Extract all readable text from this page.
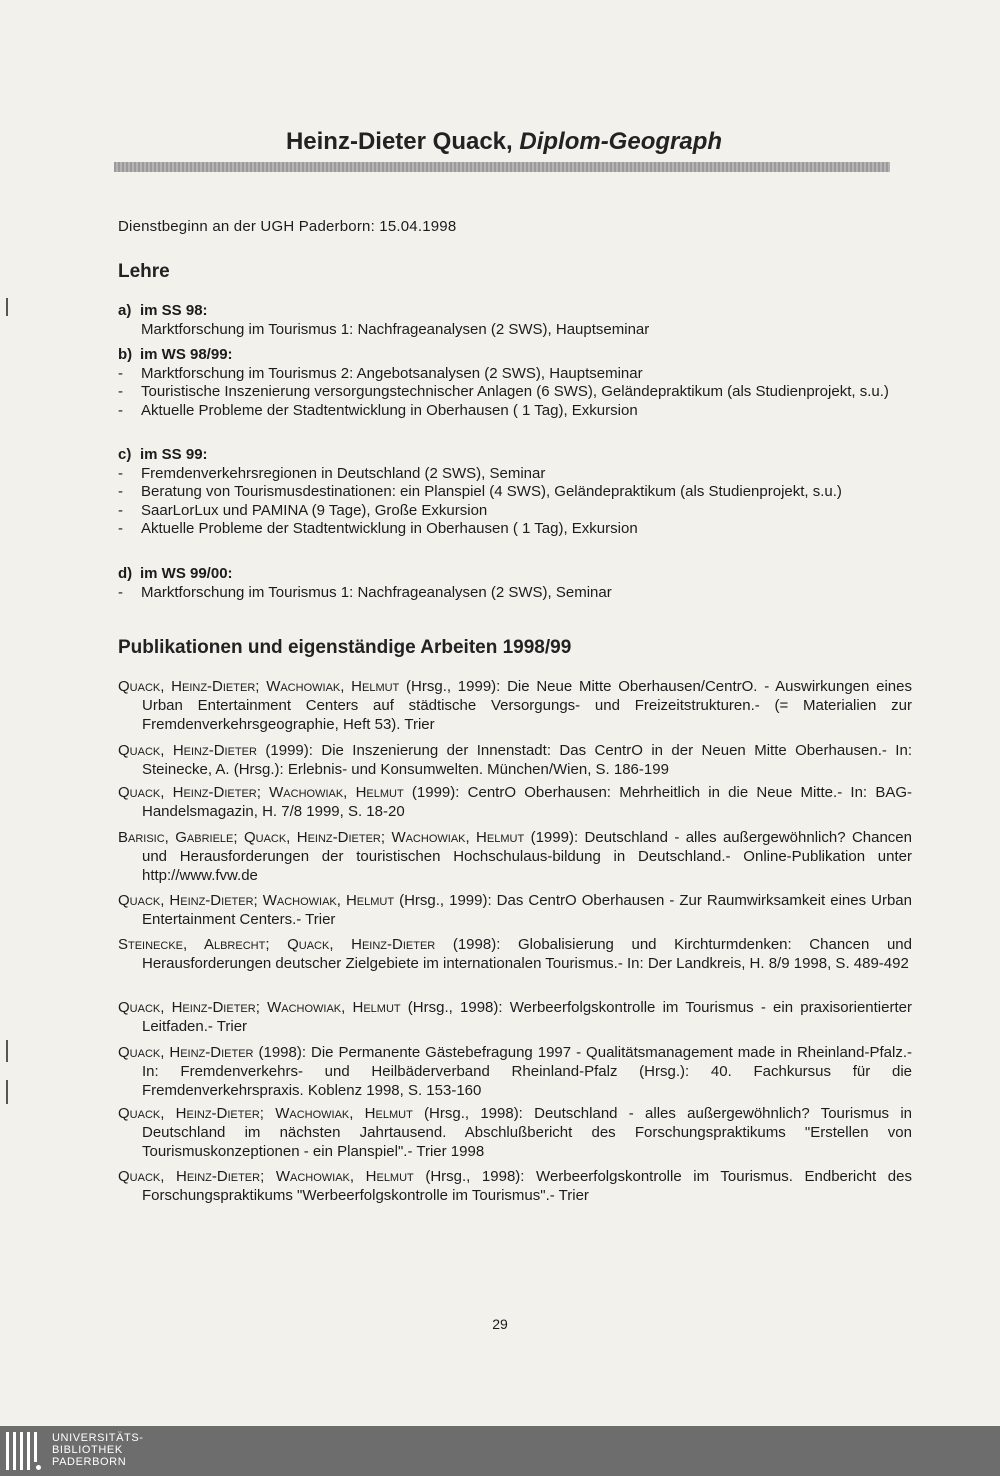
Heinz-Dieter Quack, Diplom-Geograph
Dienstbeginn an der UGH Paderborn: 15.04.1998
Lehre
a) im SS 98:
Marktforschung im Tourismus 1: Nachfrageanalysen (2 SWS), Hauptseminar
b) im WS 98/99:
-	Marktforschung im Tourismus 2: Angebotsanalysen (2 SWS), Hauptseminar
-	Touristische Inszenierung versorgungstechnischer Anlagen (6 SWS), Geländepraktikum (als Studienprojekt, s.u.)
-	Aktuelle Probleme der Stadtentwicklung in Oberhausen ( 1 Tag), Exkursion
c) im SS 99:
-	Fremdenverkehrsregionen in Deutschland (2 SWS), Seminar
-	Beratung von Tourismusdestinationen: ein Planspiel (4 SWS), Geländepraktikum (als Studienprojekt, s.u.)
-	SaarLorLux und PAMINA (9 Tage), Große Exkursion
-	Aktuelle Probleme der Stadtentwicklung in Oberhausen ( 1 Tag), Exkursion
d) im WS 99/00:
-	Marktforschung im Tourismus 1: Nachfrageanalysen (2 SWS), Seminar
Publikationen und eigenständige Arbeiten 1998/99
Quack, Heinz-Dieter; Wachowiak, Helmut (Hrsg., 1999): Die Neue Mitte Oberhausen/CentrO. - Auswirkungen eines Urban Entertainment Centers auf städtische Versorgungs- und Freizeitstrukturen.- (= Materialien zur Fremdenverkehrsgeographie, Heft 53). Trier
Quack, Heinz-Dieter (1999): Die Inszenierung der Innenstadt: Das CentrO in der Neuen Mitte Oberhausen.- In: Steinecke, A. (Hrsg.): Erlebnis- und Konsumwelten. München/Wien, S. 186-199
Quack, Heinz-Dieter; Wachowiak, Helmut (1999): CentrO Oberhausen: Mehrheitlich in die Neue Mitte.- In: BAG-Handelsmagazin, H. 7/8 1999, S. 18-20
Barisic, Gabriele; Quack, Heinz-Dieter; Wachowiak, Helmut (1999): Deutschland - alles außergewöhnlich? Chancen und Herausforderungen der touristischen Hochschulaus-bildung in Deutschland.- Online-Publikation unter http://www.fvw.de
Quack, Heinz-Dieter; Wachowiak, Helmut (Hrsg., 1999): Das CentrO Oberhausen - Zur Raumwirksamkeit eines Urban Entertainment Centers.- Trier
Steinecke, Albrecht; Quack, Heinz-Dieter (1998): Globalisierung und Kirchturmdenken: Chancen und Herausforderungen deutscher Zielgebiete im internationalen Tourismus.- In: Der Landkreis, H. 8/9 1998, S. 489-492
Quack, Heinz-Dieter; Wachowiak, Helmut (Hrsg., 1998): Werbeerfolgskontrolle im Tourismus - ein praxisorientierter Leitfaden.- Trier
Quack, Heinz-Dieter (1998): Die Permanente Gästebefragung 1997 - Qualitätsmanagement made in Rheinland-Pfalz.- In: Fremdenverkehrs- und Heilbäderverband Rheinland-Pfalz (Hrsg.): 40. Fachkursus für die Fremdenverkehrspraxis. Koblenz 1998, S. 153-160
Quack, Heinz-Dieter; Wachowiak, Helmut (Hrsg., 1998): Deutschland - alles außergewöhnlich? Tourismus in Deutschland im nächsten Jahrtausend. Abschlußbericht des Forschungspraktikums "Erstellen von Tourismuskonzeptionen - ein Planspiel".- Trier 1998
Quack, Heinz-Dieter; Wachowiak, Helmut (Hrsg., 1998): Werbeerfolgskontrolle im Tourismus. Endbericht des Forschungspraktikums "Werbeerfolgskontrolle im Tourismus".- Trier
29
UNIVERSITÄTS-
BIBLIOTHEK
PADERBORN
